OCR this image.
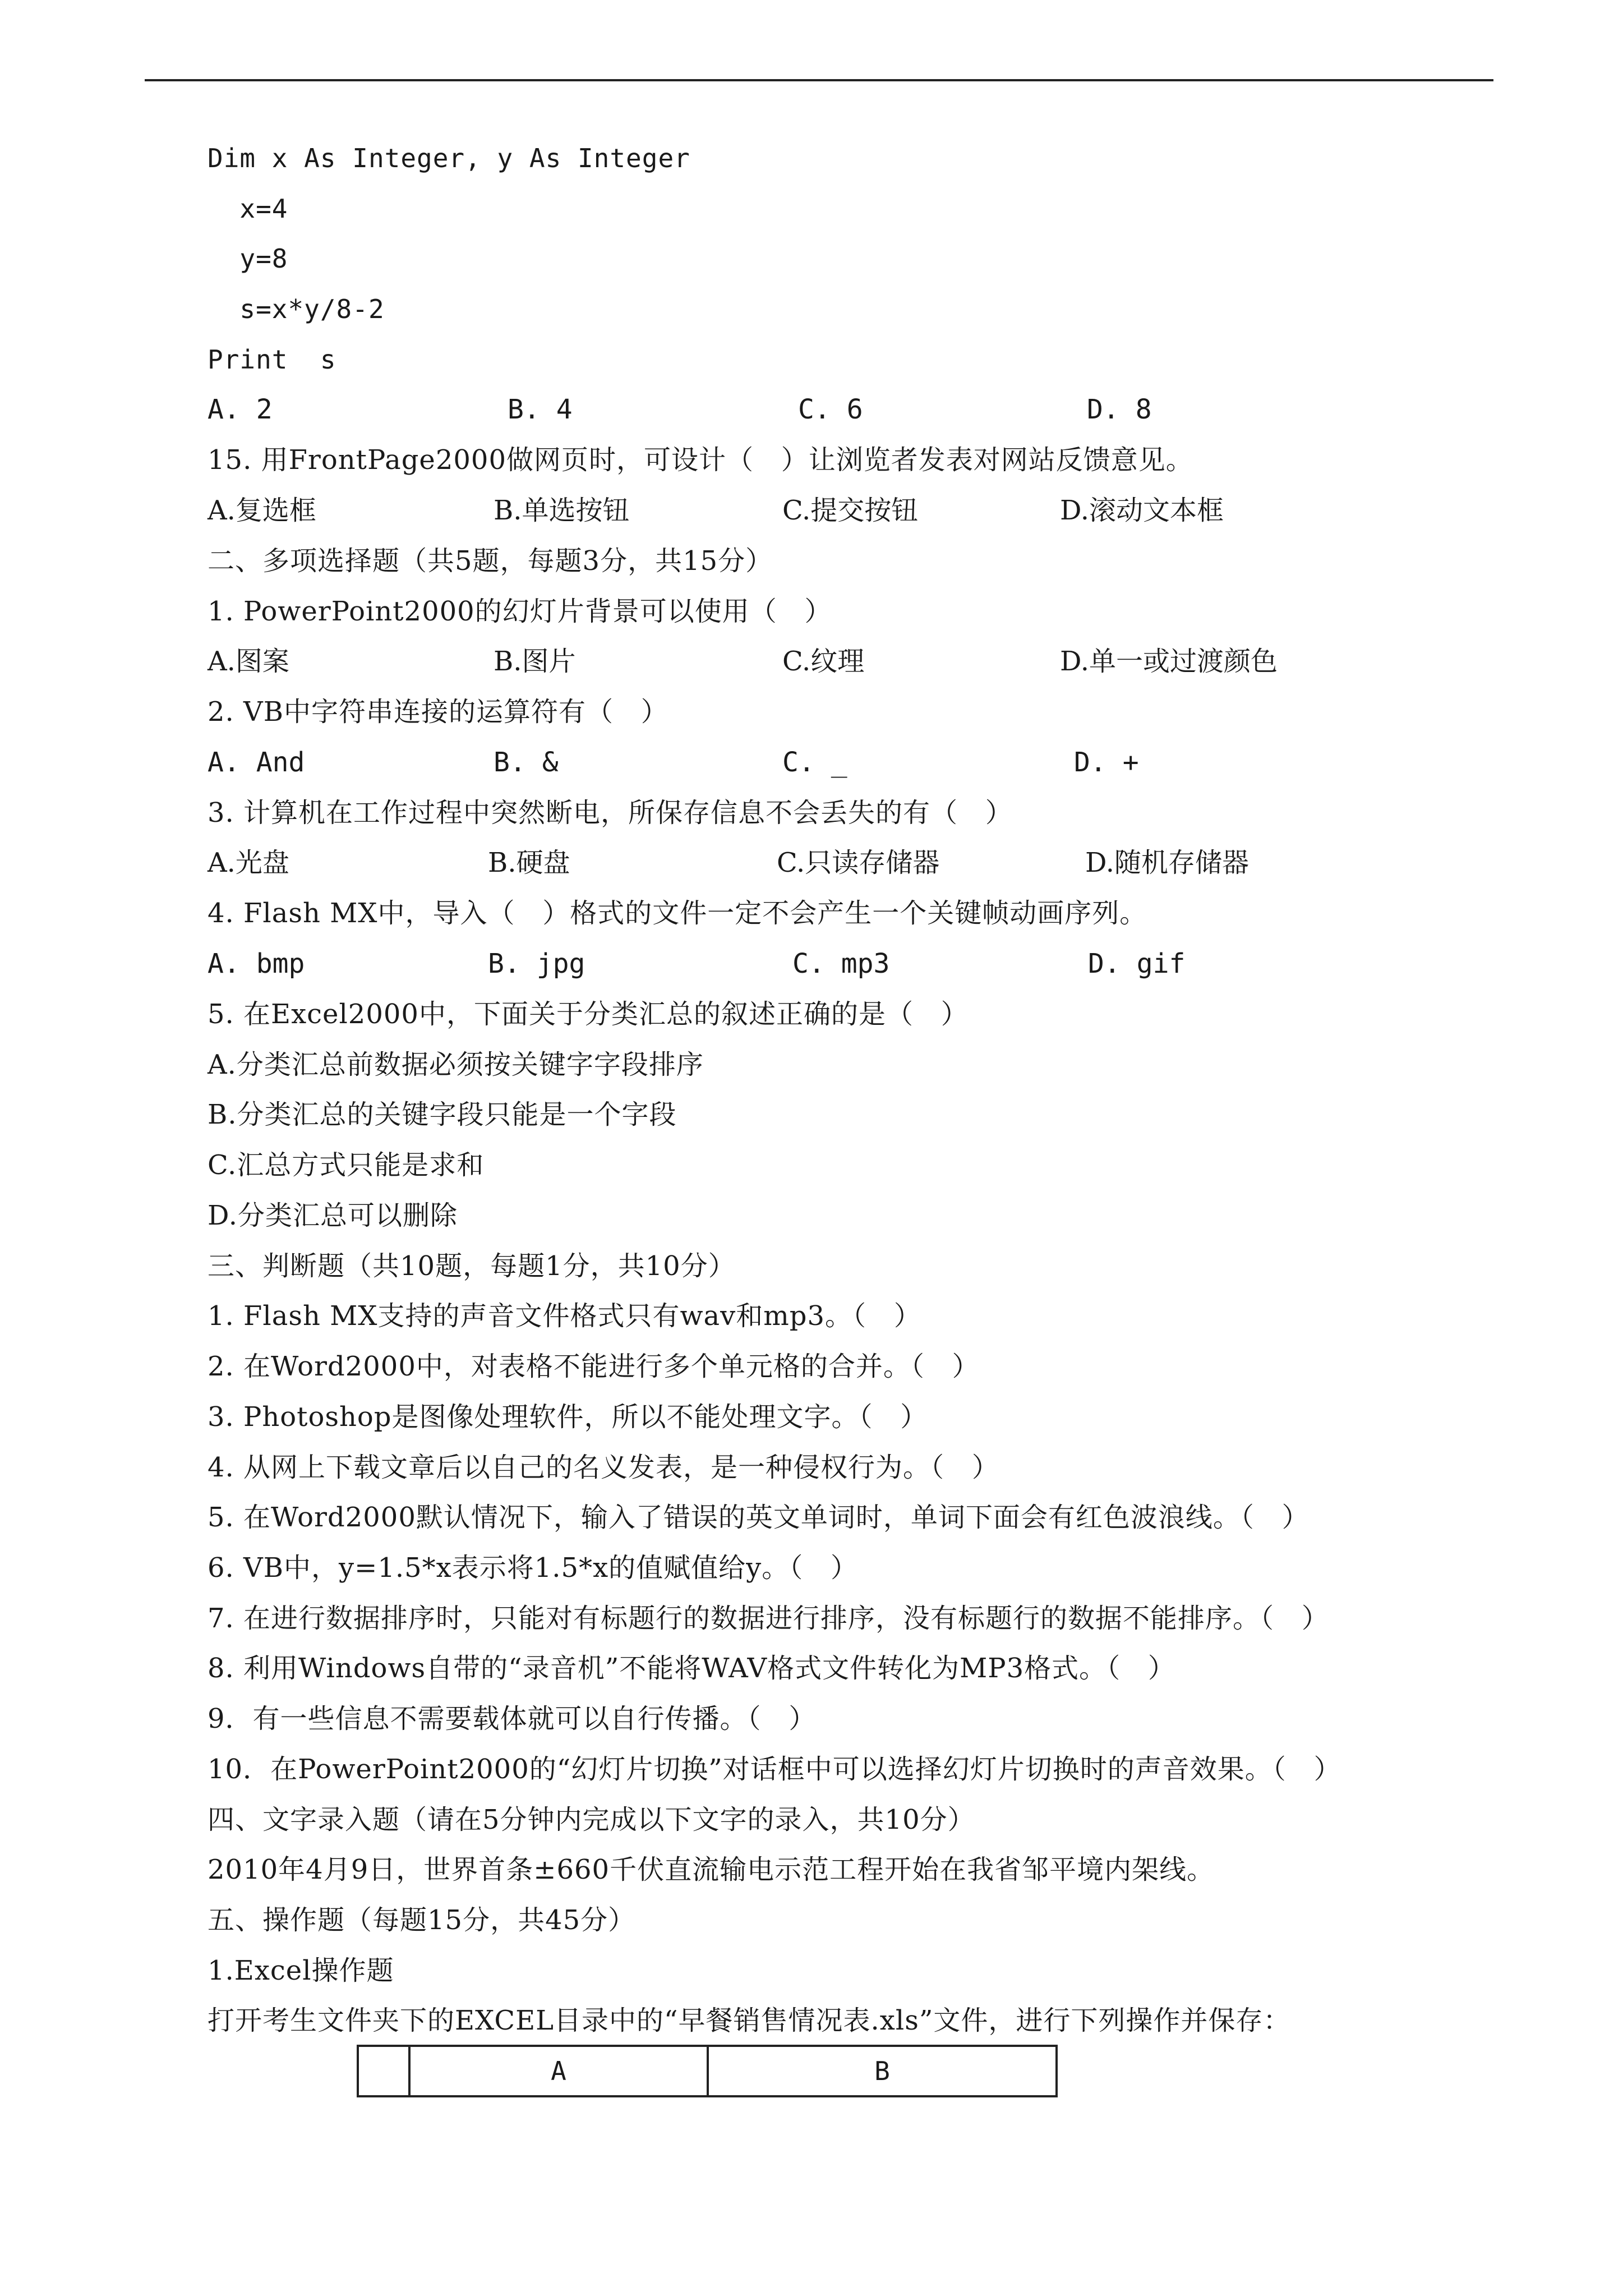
Dim x As Integer, y As Integer
x=4
y=8
s=x*y/8-2
Print  s
A. 2	B. 4	C. 6	D. 8
15. 用FrontPage2000做网页时，可设计（   ）让浏览者发表对网站反馈意见。
A.复选框	B.单选按钮	C.提交按钮	D.滚动文本框
二、多项选择题（共5题，每题3分，共15分）
1. PowerPoint2000的幻灯片背景可以使用（   ）
A.图案	B.图片	C.纹理	D.单一或过渡颜色
2. VB中字符串连接的运算符有（   ）
A. And	B. &	C. _	D. +
3. 计算机在工作过程中突然断电，所保存信息不会丢失的有（   ）
A.光盘	B.硬盘	C.只读存储器	D.随机存储器
4. Flash MX中，导入（   ）格式的文件一定不会产生一个关键帧动画序列。
A. bmp	B. jpg	C. mp3	D. gif
5. 在Excel2000中，下面关于分类汇总的叙述正确的是（   ）
A.分类汇总前数据必须按关键字字段排序
B.分类汇总的关键字段只能是一个字段
C.汇总方式只能是求和
D.分类汇总可以删除
三、判断题（共10题，每题1分，共10分）
1. Flash MX支持的声音文件格式只有wav和mp3。（   ）
2. 在Word2000中，对表格不能进行多个单元格的合并。（   ）
3. Photoshop是图像处理软件，所以不能处理文字。（   ）
4. 从网上下载文章后以自己的名义发表，是一种侵权行为。（   ）
5. 在Word2000默认情况下，输入了错误的英文单词时，单词下面会有红色波浪线。（   ）
6. VB中，y=1.5*x表示将1.5*x的值赋值给y。（   ）
7. 在进行数据排序时，只能对有标题行的数据进行排序，没有标题行的数据不能排序。（   ）
8. 利用Windows自带的“录音机”不能将WAV格式文件转化为MP3格式。（   ）
9．有一些信息不需要载体就可以自行传播。（   ）
10．在PowerPoint2000的“幻灯片切换”对话框中可以选择幻灯片切换时的声音效果。（   ）
四、文字录入题（请在5分钟内完成以下文字的录入，共10分）
2010年4月9日，世界首条±660千伏直流输电示范工程开始在我省邹平境内架线。
五、操作题（每题15分，共45分）
1.Excel操作题
打开考生文件夹下的EXCEL目录中的“早餐销售情况表.xls”文件，进行下列操作并保存：
	A	B
